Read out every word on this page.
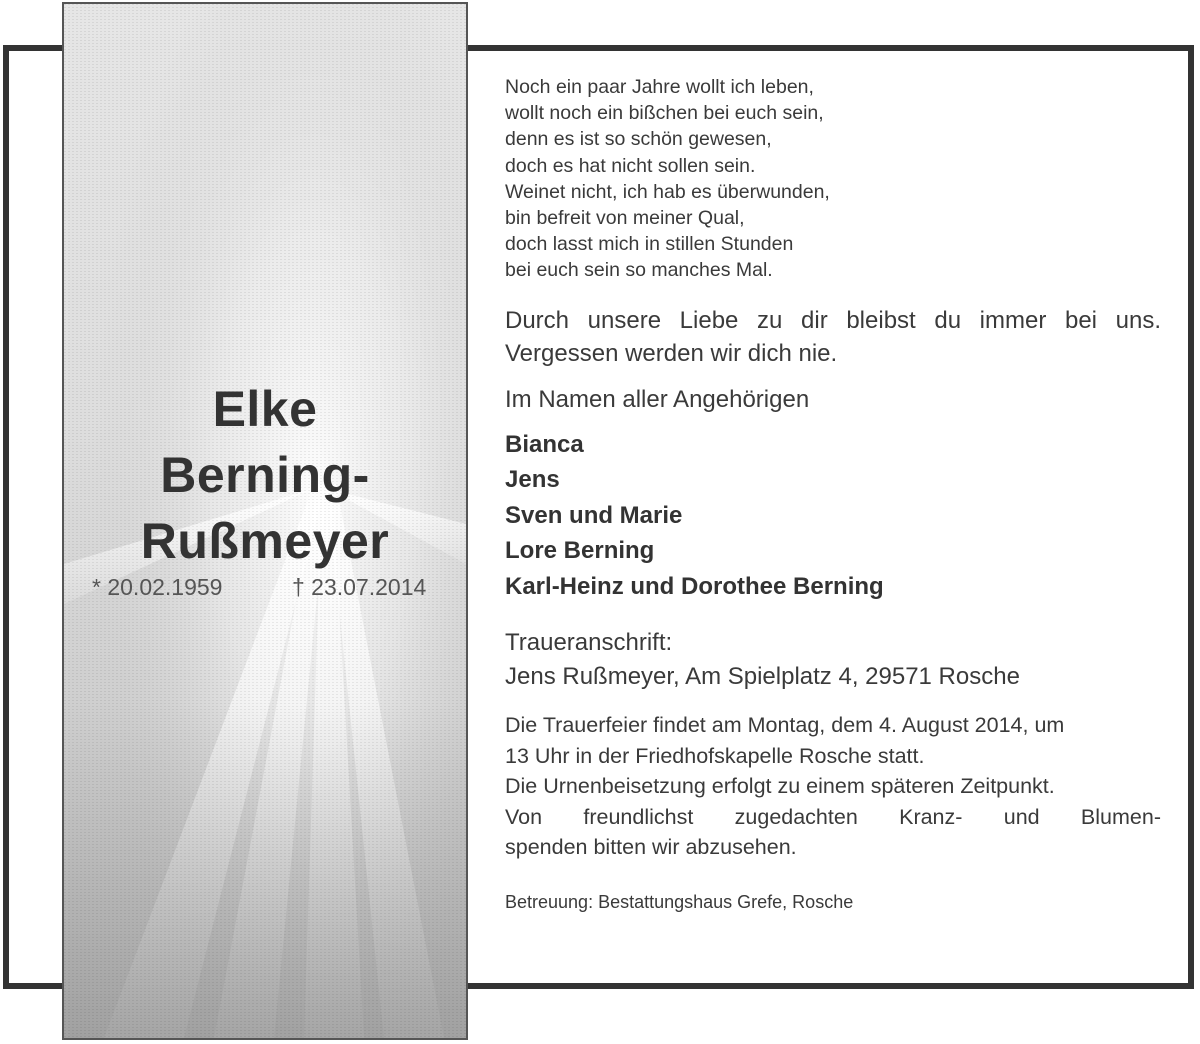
Elke
Berning-
Rußmeyer
* 20.02.1959	† 23.07.2014
Noch ein paar Jahre wollt ich leben,
wollt noch ein bißchen bei euch sein,
denn es ist so schön gewesen,
doch es hat nicht sollen sein.
Weinet nicht, ich hab es überwunden,
bin befreit von meiner Qual,
doch lasst mich in stillen Stunden
bei euch sein so manches Mal.
Durch unsere Liebe zu dir bleibst du immer bei uns.
Vergessen werden wir dich nie.
Im Namen aller Angehörigen
Bianca
Jens
Sven und Marie
Lore Berning
Karl-Heinz und Dorothee Berning
Traueranschrift:
Jens Rußmeyer, Am Spielplatz 4, 29571 Rosche
Die Trauerfeier findet am Montag, dem 4. August 2014, um
13 Uhr in der Friedhofskapelle Rosche statt.
Die Urnenbeisetzung erfolgt zu einem späteren Zeitpunkt.
Von freundlichst zugedachten Kranz- und Blumen-
spenden bitten wir abzusehen.
Betreuung: Bestattungshaus Grefe, Rosche
